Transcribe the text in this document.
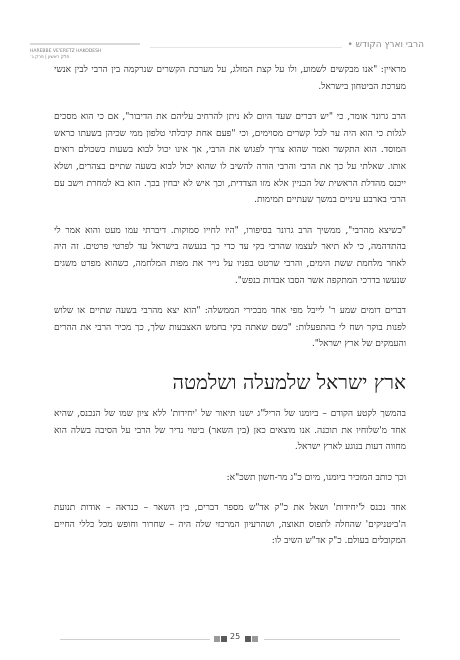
HAREBBE VE'ERETZ HAKODESH
חלק ראשון | פרק ג׳
הרבי וארץ הקודש •

מראיין: "אנו מבקשים לשמוע, ולו על קצת המזלג, על מערכת הקשרים שנרקמה בין הרבי לבין אנשי מערכת הביטחון בישראל.

הרב גרונר אומר, כי "יש דברים שעד היום לא ניתן להרחיב עליהם את הדיבור", אם כי הוא מסכים לגלות כי הוא היה ער לכל קשרים מסוימים, וכי "פעם אחת קיבלתי טלפון ממי שכיהן בשעתו כראש המוסד. הוא התקשר ואמר שהוא צריך לפגוש את הרבי, אך אינו יכול לבוא בשעות כשכולם רואים אותו. שאלתי על כך את הרבי והרבי הורה להשיב לו שהוא יכול לבוא בשעה שתיים בצהרים, ושלא ייכנס מהדלת הראשית של הבניין אלא מזו הצדדית, וכך איש לא יבחין בכך. הוא בא למחרת וישב עם הרבי בארבע עיניים במשך שעתיים תמימות.

"כשיצא מהרבי", ממשיך הרב גרונר בסיפורו, "היו לחייו סמוקות. דיברתי עמו מעט והוא אמר לי בהתדהמה, כי לא תיאר לעצמו שהרבי בקי עד כדי כך בנעשה בישראל עד לפרטי פרטים. זה היה לאחר מלחמת ששת הימים, והרבי שרטט בפניו על נייר את מפות המלחמה, כשהוא מפרט משגים שנעשו בדרכי המתקפה אשר הסבו אבדות בנפש".

דברים דומים שמע ר' לייבל מפי אחד מבכירי הממשלה: "הוא יצא מהרבי בשעה שתיים או שלוש לפנות בוקר ושח לי בהתפעלות: "כשם שאתה בקי בחמש האצבעות שלך, כך מכיר הרבי את ההרים והעמקים של ארץ ישראל".

ארץ ישראל שלמעלה ושלמטה

בהמשך לקטע הקודם – ביומנו של הריל"ג ישנו תיאור של 'יחידות' ללא ציון שמו של הנכנס, שהיא אחד מ'שלוחיו את תוכנה. אנו מוצאים כאן (בין השאר) ביטוי נדיר של הרבי על הסיבה בשלה הוא מחווה דעות בנוגע לארץ ישראל.

וכך כותב המזכיר ביומנו, מיום כ"ג מר-חשון תשכ"א:

אחד נכנס ל'יחידות' ושאל את כ"ק אד"ש מספר דברים, בין השאר – כנראה – אודות תנועת ה'ביטניקים' שהחלה לתפוס תאוצה, ושהרעיון המרכזי שלה היה – שחרור וחופש מכל כללי החיים המקובלים בעולם. כ"ק אד"ש השיב לו:

25
